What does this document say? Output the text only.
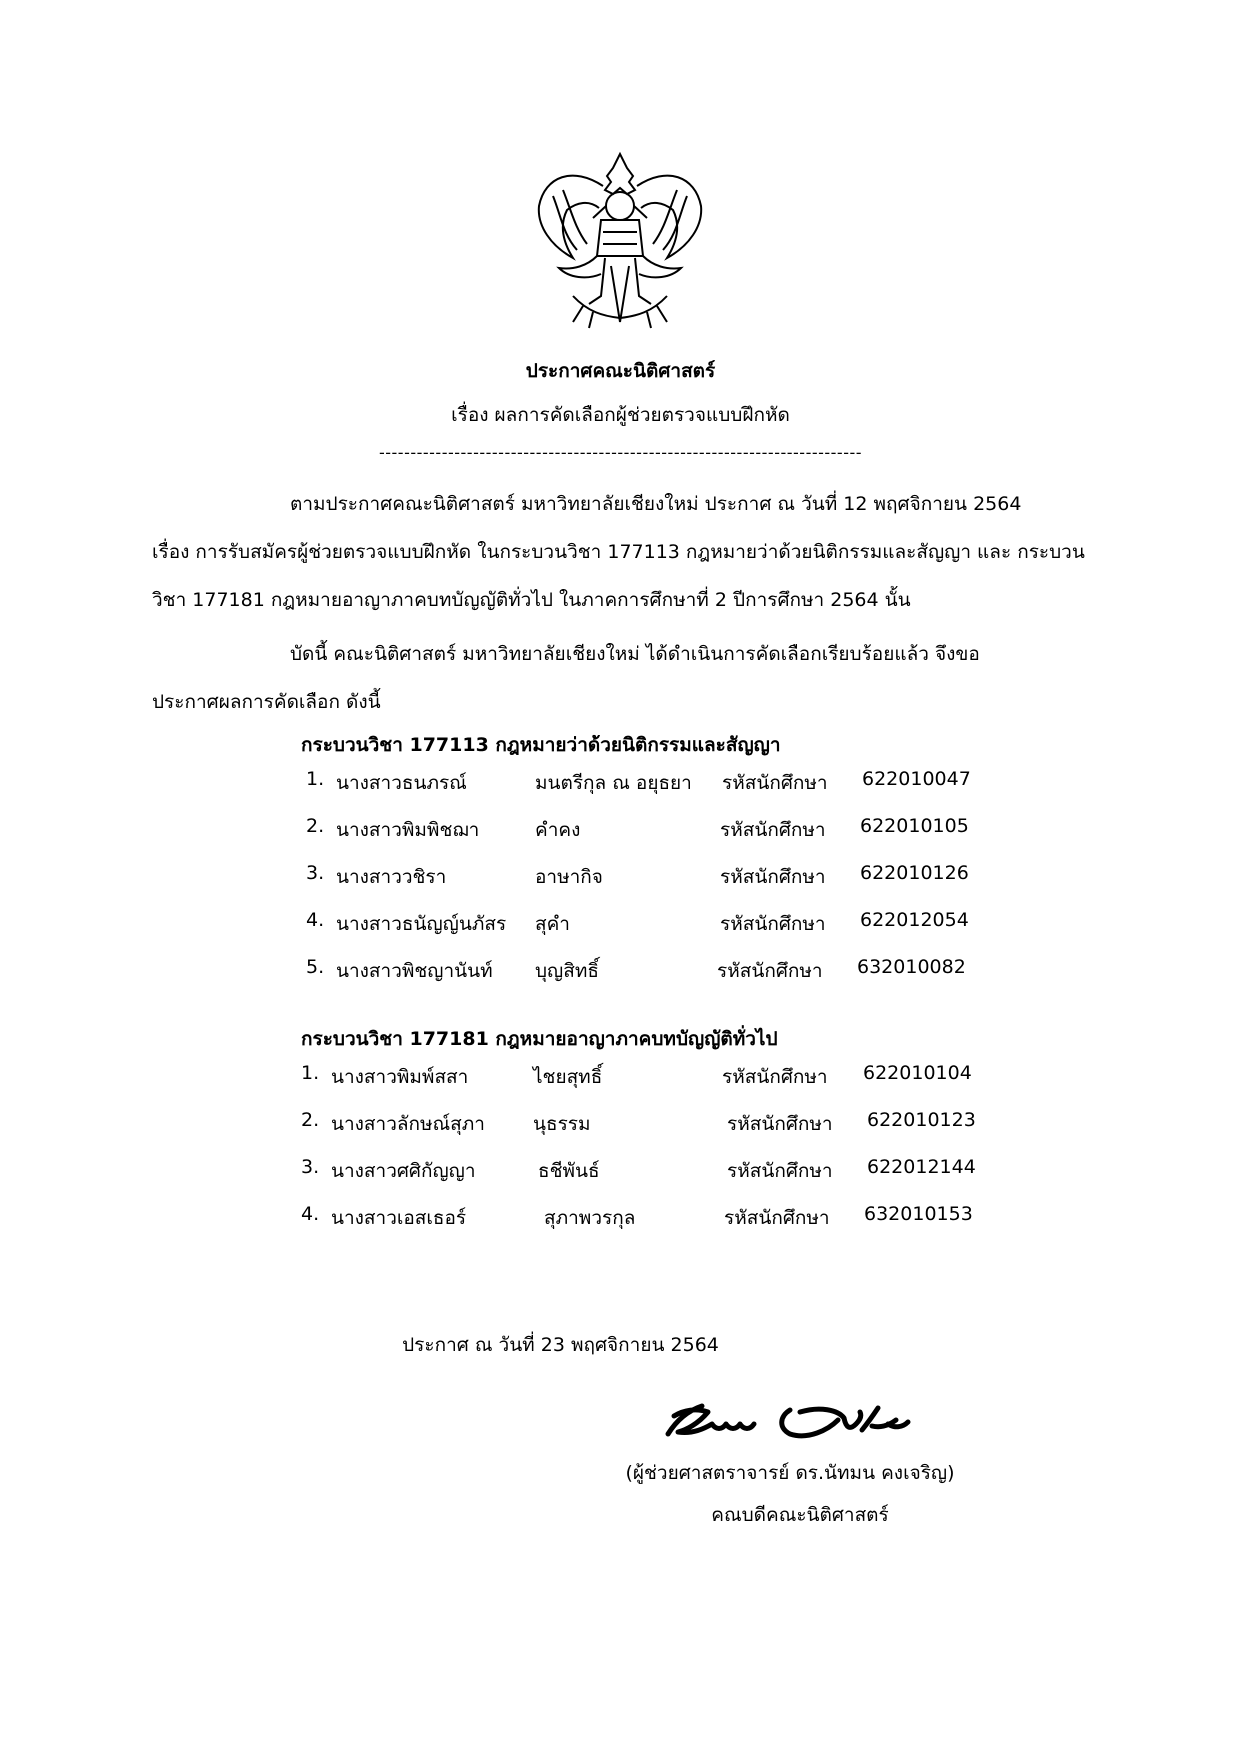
ประกาศคณะนิติศาสตร์
เรื่อง ผลการคัดเลือกผู้ช่วยตรวจแบบฝึกหัด
-----------------------------------------------------------------------------
ตามประกาศคณะนิติศาสตร์ มหาวิทยาลัยเชียงใหม่ ประกาศ ณ วันที่ 12 พฤศจิกายน 2564
เรื่อง การรับสมัครผู้ช่วยตรวจแบบฝึกหัด ในกระบวนวิชา 177113 กฎหมายว่าด้วยนิติกรรมและสัญญา และ กระบวนวิชา 177181 กฎหมายอาญาภาคบทบัญญัติทั่วไป ในภาคการศึกษาที่ 2 ปีการศึกษา 2564 นั้น
บัดนี้ คณะนิติศาสตร์ มหาวิทยาลัยเชียงใหม่ ได้ดำเนินการคัดเลือกเรียบร้อยแล้ว จึงขอ
ประกาศผลการคัดเลือก ดังนี้
กระบวนวิชา 177113 กฎหมายว่าด้วยนิติกรรมและสัญญา
1. นางสาวธนภรณ์	มนตรีกุล ณ อยุธยา รหัสนักศึกษา 622010047
2. นางสาวพิมพิชฌา	คำคง	รหัสนักศึกษา 622010105
3. นางสาววชิรา	อาษากิจ	รหัสนักศึกษา 622010126
4. นางสาวธนัญญ์นภัสร สุคำ	รหัสนักศึกษา 622012054
5. นางสาวพิชญานันท์ บุญสิทธิ์	รหัสนักศึกษา 632010082
กระบวนวิชา 177181 กฎหมายอาญาภาคบทบัญญัติทั่วไป
1. นางสาวพิมพ์สสา	ไชยสุทธิ์	รหัสนักศึกษา 622010104
2. นางสาวลักษณ์สุภา	นุธรรม	รหัสนักศึกษา 622010123
3. นางสาวศศิกัญญา	ธชีพันธ์	รหัสนักศึกษา 622012144
4. นางสาวเอสเธอร์	สุภาพวรกุล	รหัสนักศึกษา 632010153
ประกาศ ณ วันที่ 23 พฤศจิกายน 2564
(ผู้ช่วยศาสตราจารย์ ดร.นัทมน คงเจริญ)
คณบดีคณะนิติศาสตร์
